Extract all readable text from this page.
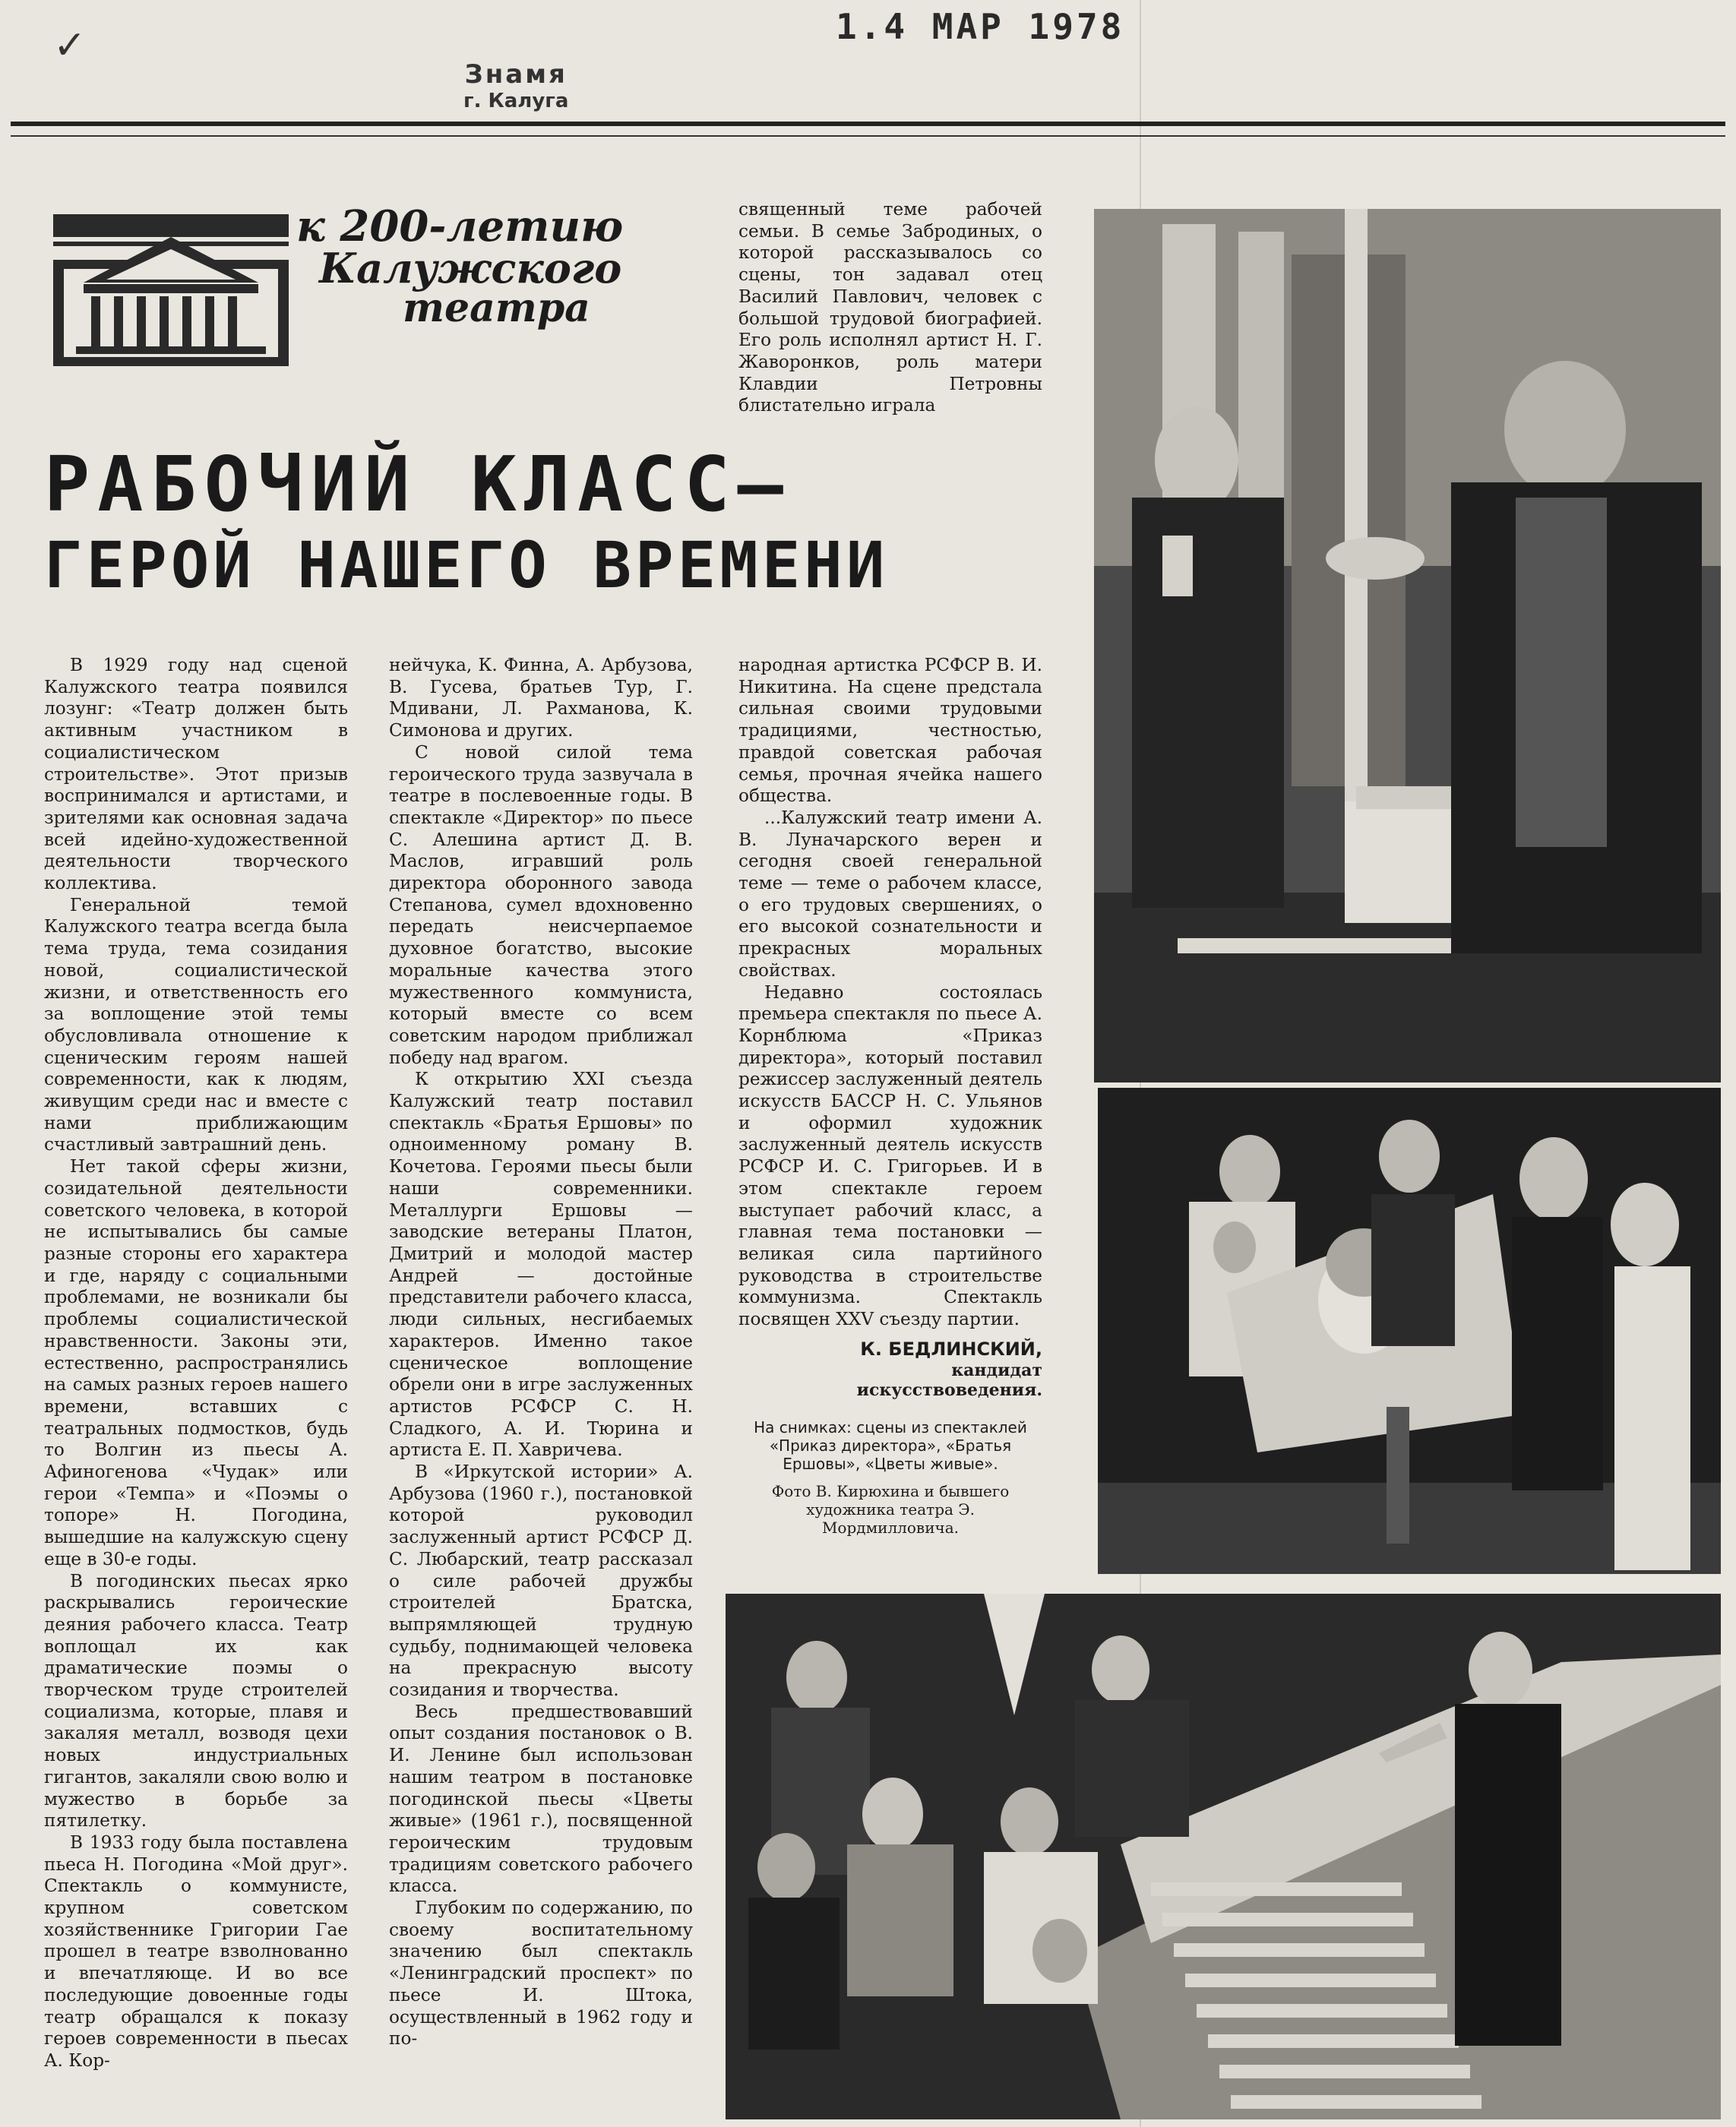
✓	1.4 МАР 1978
Знамя
г. Калуга
к 200-летию
Калужского
театра

священный теме рабочей семьи. В семье Забродиных, о которой рассказывалось со сцены, тон задавал отец Василий Павлович, человек с большой трудовой биографией. Его роль исполнял артист Н. Г. Жаворонков, роль матери Клавдии Петровны блистательно играла

РАБОЧИЙ КЛАСС—
ГЕРОЙ НАШЕГО ВРЕМЕНИ

В 1929 году над сценой Калужского театра появился лозунг: «Театр должен быть активным участником в социалистическом строительстве». Этот призыв воспринимался и артистами, и зрителями как основная задача всей идейно-художественной деятельности творческого коллектива.

Генеральной темой Калужского театра всегда была тема труда, тема созидания новой, социалистической жизни, и ответственность его за воплощение этой темы обусловливала отношение к сценическим героям нашей современности, как к людям, живущим среди нас и вместе с нами приближающим счастливый завтрашний день.

Нет такой сферы жизни, созидательной деятельности советского человека, в которой не испытывались бы самые разные стороны его характера и где, наряду с социальными проблемами, не возникали бы проблемы социалистической нравственности. Законы эти, естественно, распространялись на самых разных героев нашего времени, вставших с театральных подмостков, будь то Волгин из пьесы А. Афиногенова «Чудак» или герои «Темпа» и «Поэмы о топоре» Н. Погодина, вышедшие на калужскую сцену еще в 30-е годы.

В погодинских пьесах ярко раскрывались героические деяния рабочего класса. Театр воплощал их как драматические поэмы о творческом труде строителей социализма, которые, плавя и закаляя металл, возводя цехи новых индустриальных гигантов, закаляли свою волю и мужество в борьбе за пятилетку.

В 1933 году была поставлена пьеса Н. Погодина «Мой друг». Спектакль о коммунисте, крупном советском хозяйственнике Григории Гае прошел в театре взволнованно и впечатляюще. И во все последующие довоенные годы театр обращался к показу героев современности в пьесах А. Кор-

нейчука, К. Финна, А. Арбузова, В. Гусева, братьев Тур, Г. Мдивани, Л. Рахманова, К. Симонова и других.

С новой силой тема героического труда зазвучала в театре в послевоенные годы. В спектакле «Директор» по пьесе С. Алешина артист Д. В. Маслов, игравший роль директора оборонного завода Степанова, сумел вдохновенно передать неисчерпаемое духовное богатство, высокие моральные качества этого мужественного коммуниста, который вместе со всем советским народом приближал победу над врагом.

К открытию XXI съезда Калужский театр поставил спектакль «Братья Ершовы» по одноименному роману В. Кочетова. Героями пьесы были наши современники. Металлурги Ершовы — заводские ветераны Платон, Дмитрий и молодой мастер Андрей — достойные представители рабочего класса, люди сильных, несгибаемых характеров. Именно такое сценическое воплощение обрели они в игре заслуженных артистов РСФСР С. Н. Сладкого, А. И. Тюрина и артиста Е. П. Хавричева.

В «Иркутской истории» А. Арбузова (1960 г.), постановкой которой руководил заслуженный артист РСФСР Д. С. Любарский, театр рассказал о силе рабочей дружбы строителей Братска, выпрямляющей трудную судьбу, поднимающей человека на прекрасную высоту созидания и творчества.

Весь предшествовавший опыт создания постановок о В. И. Ленине был использован нашим театром в постановке погодинской пьесы «Цветы живые» (1961 г.), посвященной героическим трудовым традициям советского рабочего класса.

Глубоким по содержанию, по своему воспитательному значению был спектакль «Ленинградский проспект» по пьесе И. Штока, осуществленный в 1962 году и по-

народная артистка РСФСР В. И. Никитина. На сцене предстала сильная своими трудовыми традициями, честностью, правдой советская рабочая семья, прочная ячейка нашего общества.

...Калужский театр имени А. В. Луначарского верен и сегодня своей генеральной теме — теме о рабочем классе, о его трудовых свершениях, о его высокой сознательности и прекрасных моральных свойствах.

Недавно состоялась премьера спектакля по пьесе А. Корнблюма «Приказ директора», который поставил режиссер заслуженный деятель искусств БАССР Н. С. Ульянов и оформил художник заслуженный деятель искусств РСФСР И. С. Григорьев. И в этом спектакле героем выступает рабочий класс, а главная тема постановки — великая сила партийного руководства в строительстве коммунизма. Спектакль посвящен XXV съезду партии.

К. БЕДЛИНСКИЙ,
кандидат
искусствоведения.
На снимках: сцены из спектаклей «Приказ директора», «Братья Ершовы», «Цветы живые».
Фото В. Кирюхина и бывшего художника театра Э. Мордмилловича.
